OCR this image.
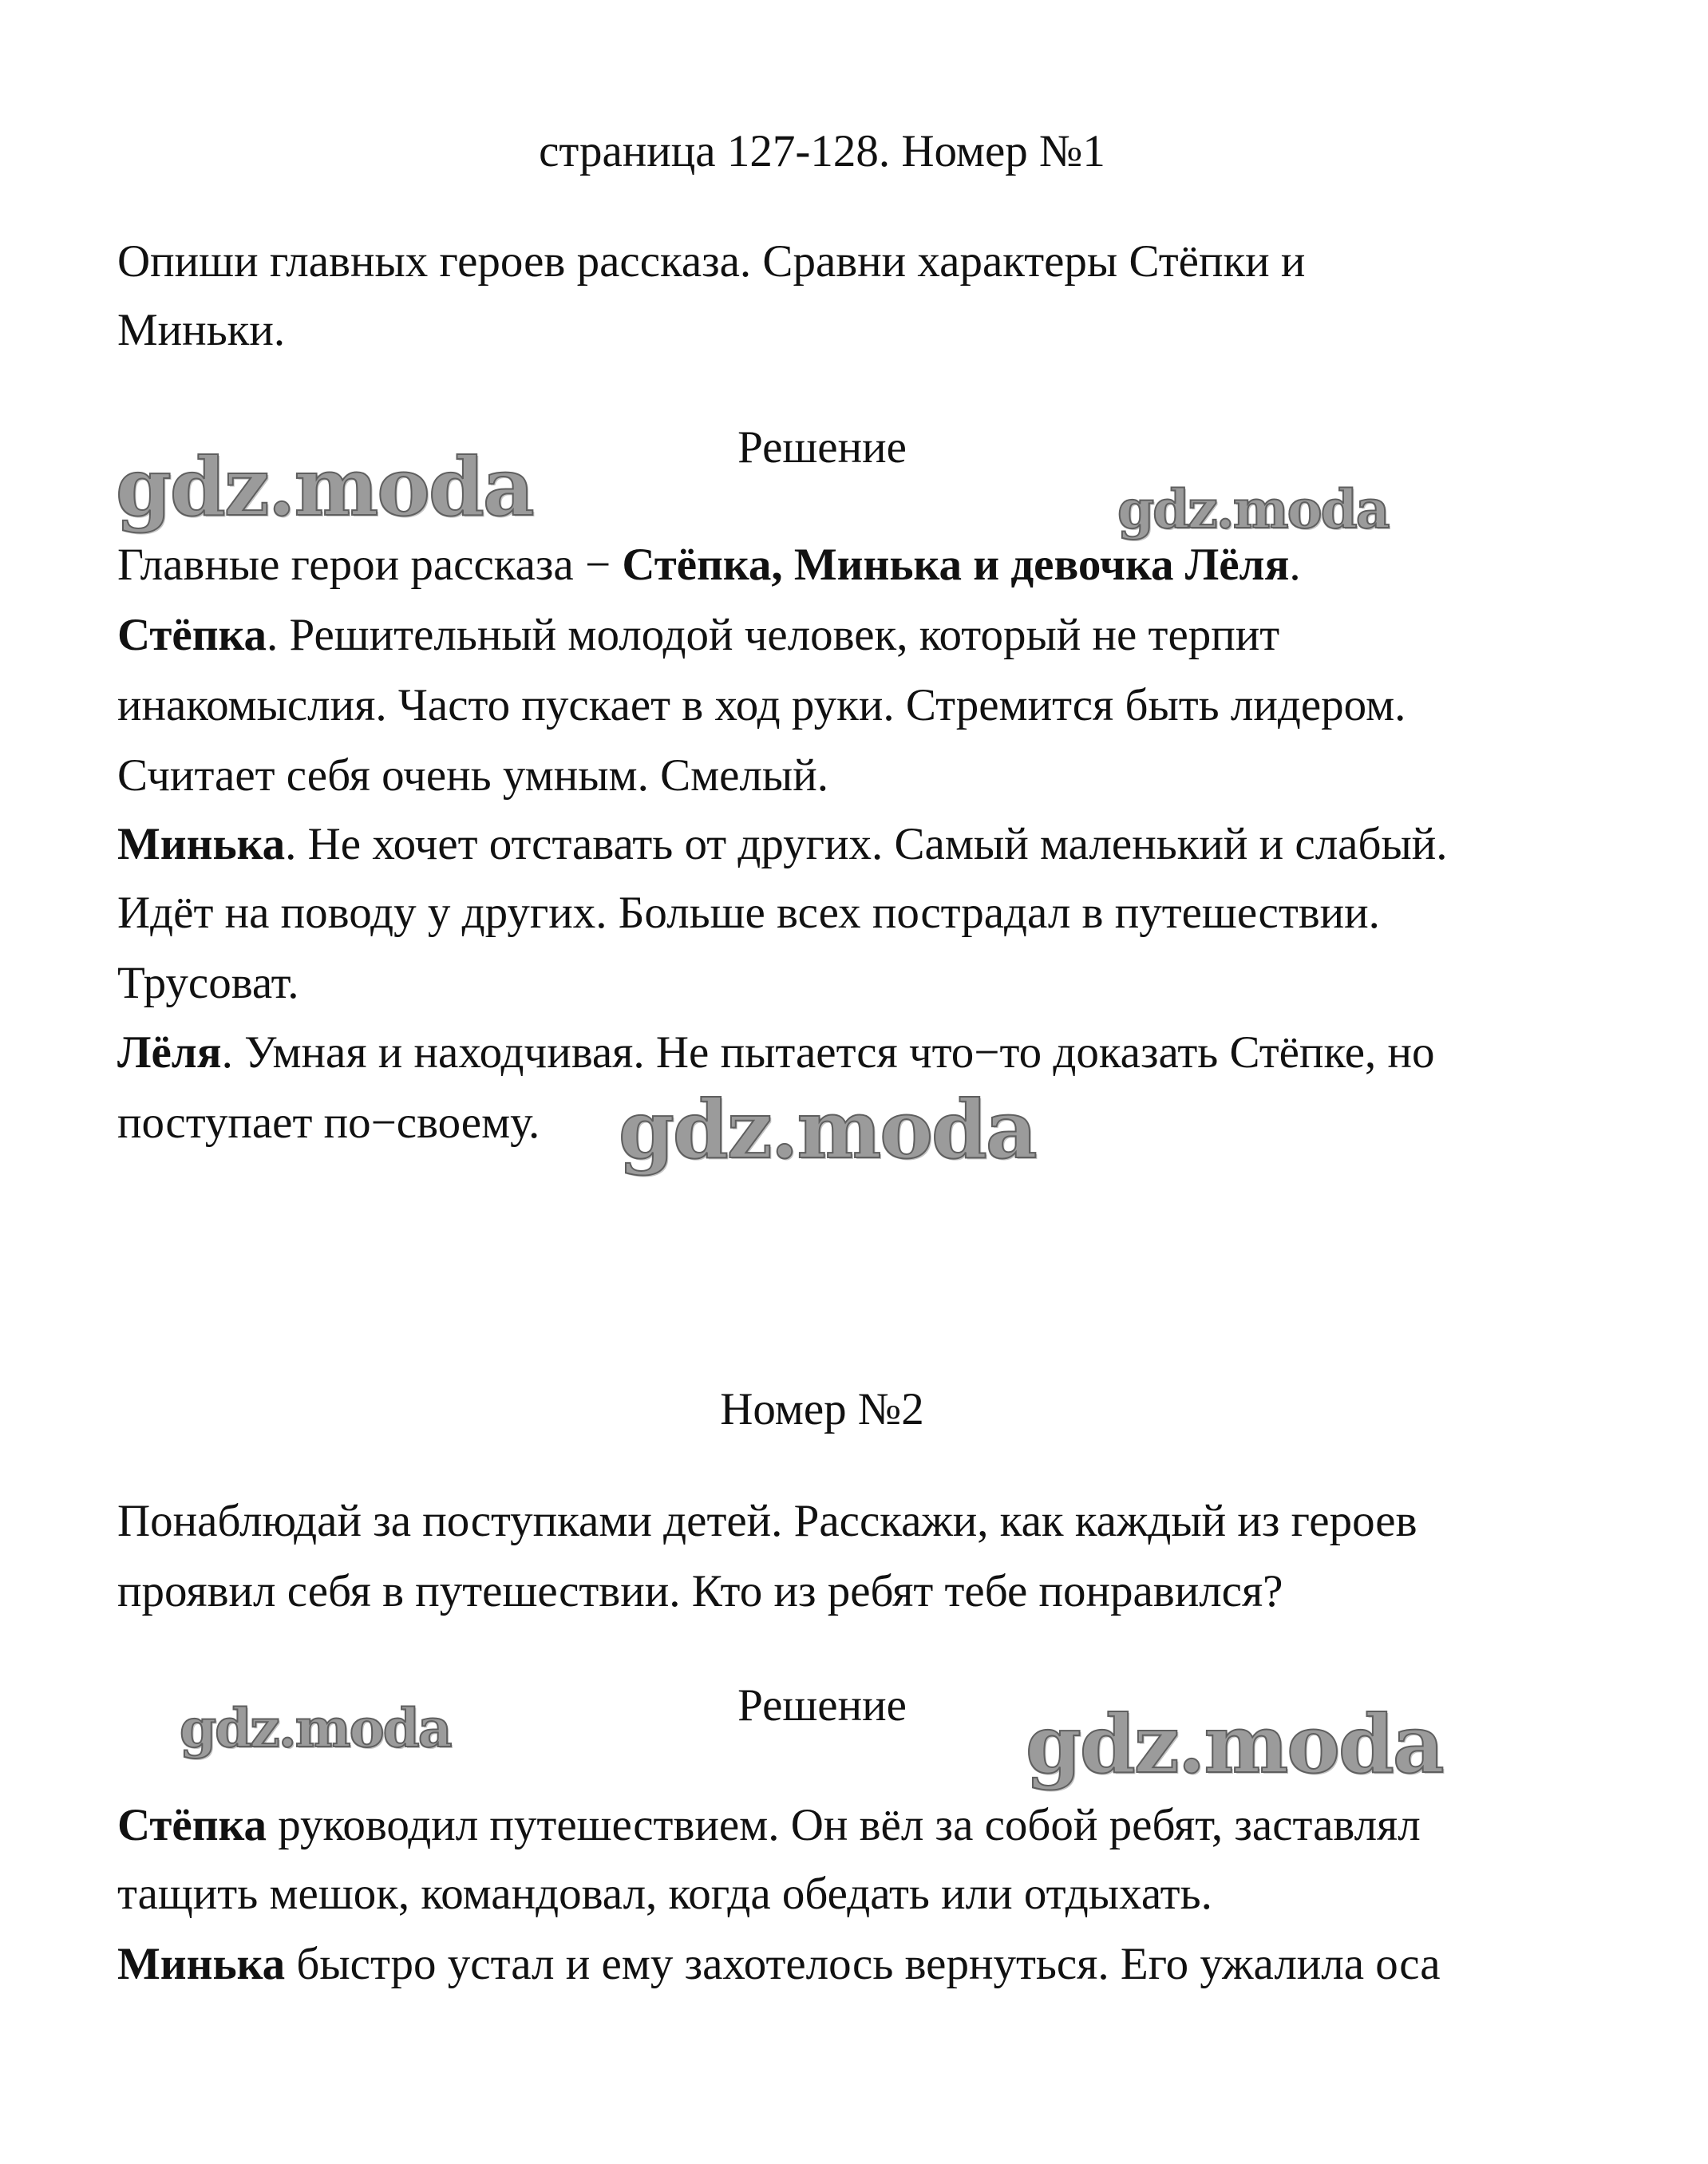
gdz.moda	gdz.moda
gdz.moda
gdz.moda	gdz.moda
страница 127-128. Номер №1
Опиши главных героев рассказа. Сравни характеры Стёпки и
Миньки.
Решение
Главные герои рассказа − Стёпка, Минька и девочка Лёля.
Стёпка. Решительный молодой человек, который не терпит
инакомыслия. Часто пускает в ход руки. Стремится быть лидером.
Считает себя очень умным. Смелый.
Минька. Не хочет отставать от других. Самый маленький и слабый.
Идёт на поводу у других. Больше всех пострадал в путешествии.
Трусоват.
Лёля. Умная и находчивая. Не пытается что−то доказать Стёпке, но
поступает по−своему.
Номер №2
Понаблюдай за поступками детей. Расскажи, как каждый из героев
проявил себя в путешествии. Кто из ребят тебе понравился?
Решение
Стёпка руководил путешествием. Он вёл за собой ребят, заставлял
тащить мешок, командовал, когда обедать или отдыхать.
Минька быстро устал и ему захотелось вернуться. Его ужалила оса
